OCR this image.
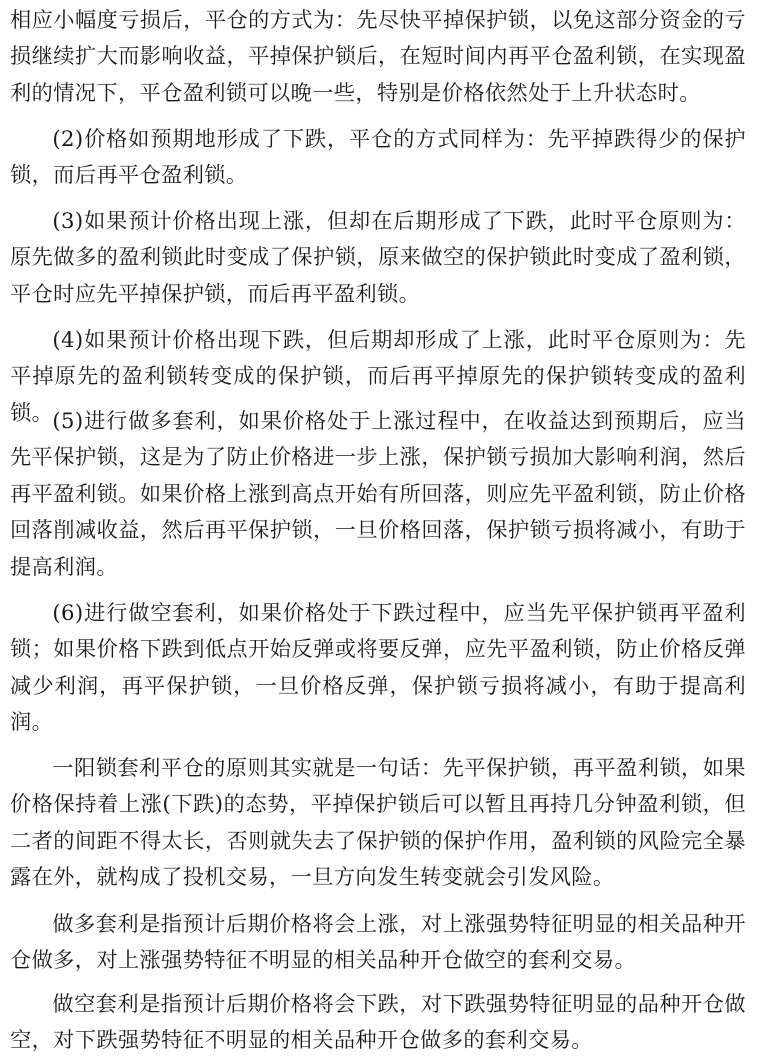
相应小幅度亏损后，平仓的方式为：先尽快平掉保护锁，以免这部分资金的亏损继续扩大而影响收益，平掉保护锁后，在短时间内再平仓盈利锁，在实现盈利的情况下，平仓盈利锁可以晚一些，特别是价格依然处于上升状态时。

(2)价格如预期地形成了下跌，平仓的方式同样为：先平掉跌得少的保护锁，而后再平仓盈利锁。

(3)如果预计价格出现上涨，但却在后期形成了下跌，此时平仓原则为：原先做多的盈利锁此时变成了保护锁，原来做空的保护锁此时变成了盈利锁，平仓时应先平掉保护锁，而后再平盈利锁。

(4)如果预计价格出现下跌，但后期却形成了上涨，此时平仓原则为：先平掉原先的盈利锁转变成的保护锁，而后再平掉原先的保护锁转变成的盈利锁。 (5)进行做多套利，如果价格处于上涨过程中，在收益达到预期后，应当先平保护锁，这是为了防止价格进一步上涨，保护锁亏损加大影响利润，然后再平盈利锁。如果价格上涨到高点开始有所回落，则应先平盈利锁，防止价格回落削减收益，然后再平保护锁，一旦价格回落，保护锁亏损将减小，有助于提高利润。

(6)进行做空套利，如果价格处于下跌过程中，应当先平保护锁再平盈利锁；如果价格下跌到低点开始反弹或将要反弹，应先平盈利锁，防止价格反弹减少利润，再平保护锁，一旦价格反弹，保护锁亏损将减小，有助于提高利润。

一阳锁套利平仓的原则其实就是一句话：先平保护锁，再平盈利锁，如果价格保持着上涨(下跌)的态势，平掉保护锁后可以暂且再持几分钟盈利锁，但二者的间距不得太长，否则就失去了保护锁的保护作用，盈利锁的风险完全暴露在外，就构成了投机交易，一旦方向发生转变就会引发风险。

做多套利是指预计后期价格将会上涨，对上涨强势特征明显的相关品种开仓做多，对上涨强势特征不明显的相关品种开仓做空的套利交易。

做空套利是指预计后期价格将会下跌，对下跌强势特征明显的品种开仓做空，对下跌强势特征不明显的相关品种开仓做多的套利交易。
